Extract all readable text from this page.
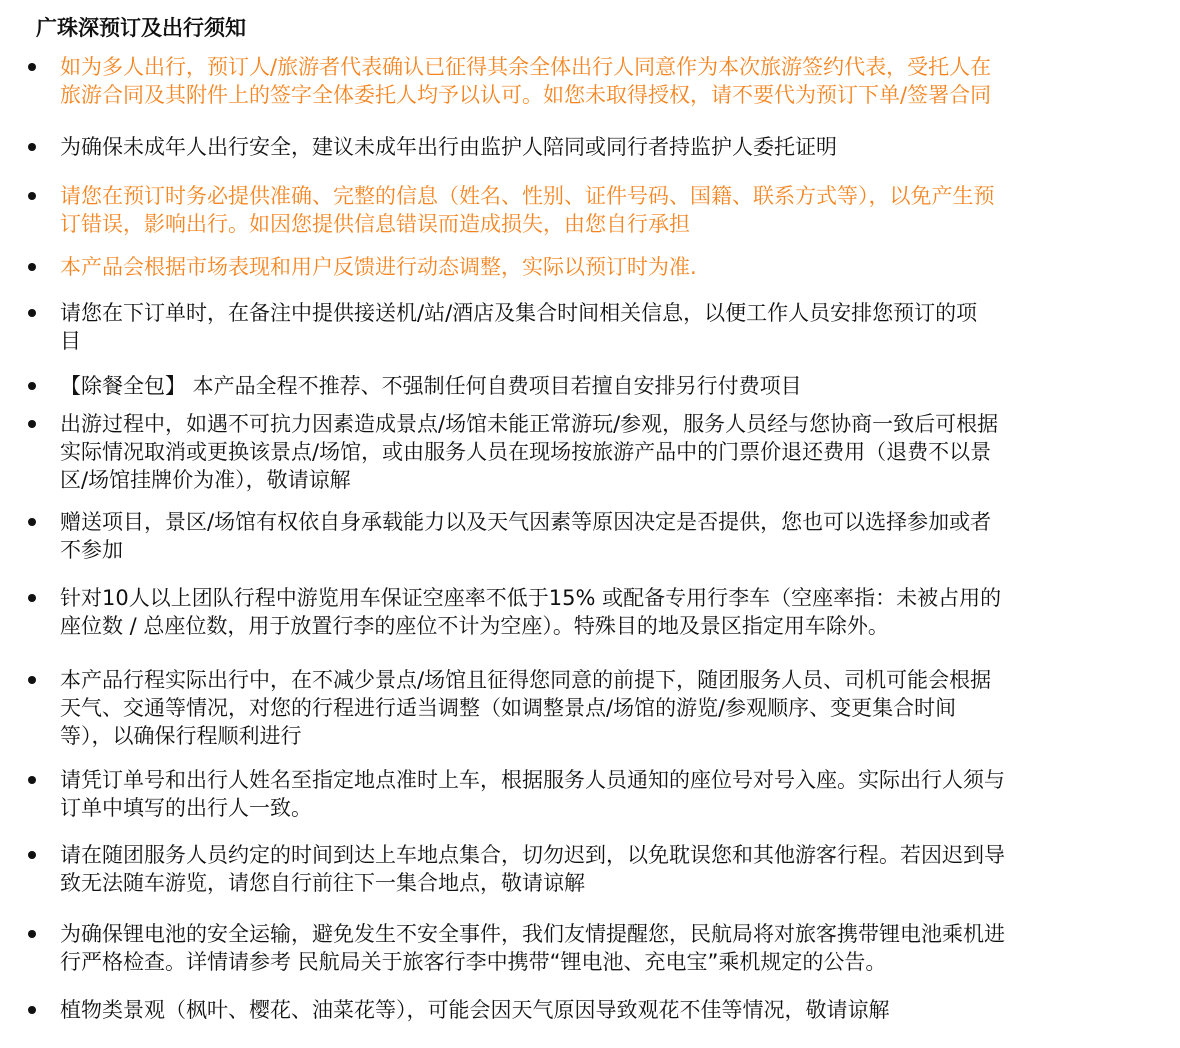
广珠深预订及出行须知
如为多人出行，预订人/旅游者代表确认已征得其余全体出行人同意作为本次旅游签约代表，受托人在
旅游合同及其附件上的签字全体委托人均予以认可。如您未取得授权，请不要代为预订下单/签署合同
为确保未成年人出行安全，建议未成年出行由监护人陪同或同行者持监护人委托证明
请您在预订时务必提供准确、完整的信息（姓名、性别、证件号码、国籍、联系方式等），以免产生预
订错误，影响出行。如因您提供信息错误而造成损失，由您自行承担
本产品会根据市场表现和用户反馈进行动态调整，实际以预订时为准.
请您在下订单时，在备注中提供接送机/站/酒店及集合时间相关信息，以便工作人员安排您预订的项
目
【除餐全包】 本产品全程不推荐、不强制任何自费项目若擅自安排另行付费项目
出游过程中，如遇不可抗力因素造成景点/场馆未能正常游玩/参观，服务人员经与您协商一致后可根据
实际情况取消或更换该景点/场馆，或由服务人员在现场按旅游产品中的门票价退还费用（退费不以景
区/场馆挂牌价为准），敬请谅解
赠送项目，景区/场馆有权依自身承载能力以及天气因素等原因决定是否提供，您也可以选择参加或者
不参加
针对10人以上团队行程中游览用车保证空座率不低于15% 或配备专用行李车（空座率指：未被占用的
座位数 / 总座位数，用于放置行李的座位不计为空座）。特殊目的地及景区指定用车除外。
本产品行程实际出行中，在不减少景点/场馆且征得您同意的前提下，随团服务人员、司机可能会根据
天气、交通等情况，对您的行程进行适当调整（如调整景点/场馆的游览/参观顺序、变更集合时间
等），以确保行程顺利进行
请凭订单号和出行人姓名至指定地点准时上车，根据服务人员通知的座位号对号入座。实际出行人须与
订单中填写的出行人一致。
请在随团服务人员约定的时间到达上车地点集合，切勿迟到，以免耽误您和其他游客行程。若因迟到导
致无法随车游览，请您自行前往下一集合地点，敬请谅解
为确保锂电池的安全运输，避免发生不安全事件，我们友情提醒您，民航局将对旅客携带锂电池乘机进
行严格检查。详情请参考 民航局关于旅客行李中携带“锂电池、充电宝”乘机规定的公告。
植物类景观（枫叶、樱花、油菜花等），可能会因天气原因导致观花不佳等情况，敬请谅解
